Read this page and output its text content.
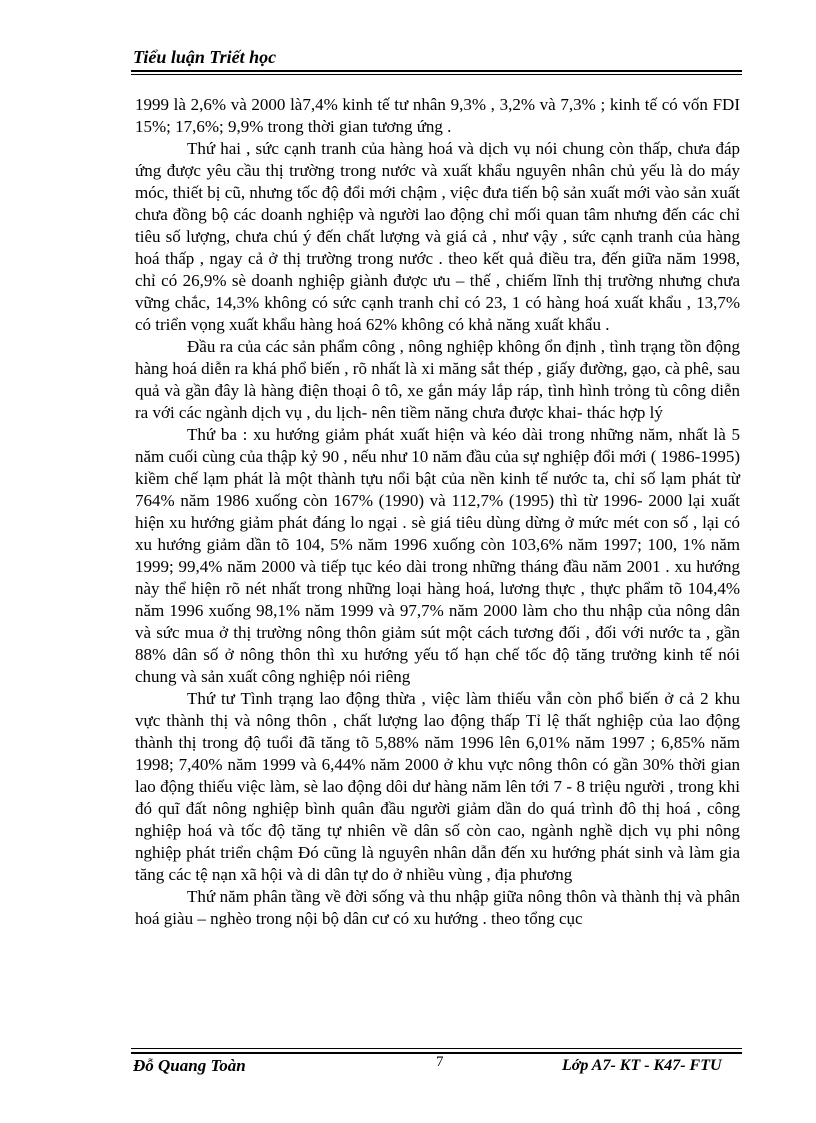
Tiểu luận Triết học

1999 là 2,6% và 2000 là7,4% kinh tế tư nhân 9,3% , 3,2% và 7,3% ; kinh tế có vốn FDI 15%; 17,6%; 9,9% trong thời gian tương ứng .

Thứ hai , sức cạnh tranh của hàng hoá và dịch vụ nói chung còn thấp, chưa đáp ứng được yêu cầu thị trường trong nước và xuất khẩu nguyên nhân chủ yếu là do máy móc, thiết bị cũ, nhưng tốc độ đổi mới chậm , việc đưa tiến bộ sản xuất mới vào sản xuất chưa đồng bộ các doanh nghiệp và người lao động chỉ mối quan tâm nhưng đến các chỉ tiêu số lượng, chưa chú ý đến chất lượng và giá cả , như vậy , sức cạnh tranh của hàng hoá thấp , ngay cả ở thị trường trong nước . theo kết quả điều tra, đến giữa năm 1998, chỉ có 26,9% sè doanh nghiệp giành được ưu – thế , chiếm lĩnh thị trường nhưng chưa vững chắc, 14,3% không có sức cạnh tranh chỉ có 23, 1 có hàng hoá xuất khẩu , 13,7% có triển vọng xuất khẩu hàng hoá 62% không có khả năng xuất khẩu .

Đầu ra của các sản phẩm công , nông nghiệp không ổn định , tình trạng tồn động hàng hoá diễn ra khá phổ biến , rõ nhất là xi măng sắt thép , giấy đường, gạo, cà phê, sau quả và gần đây là hàng điện thoại ô tô, xe gắn máy lắp ráp, tình hình trỏng tù công diễn ra với các ngành dịch vụ , du lịch- nên tiềm năng chưa được khai- thác hợp lý

Thứ ba : xu hướng giảm phát xuất hiện và kéo dài trong những năm, nhất là 5 năm cuối cùng của thập kỷ 90 , nếu như 10 năm đầu của sự nghiệp đổi mới ( 1986-1995) kiềm chế lạm phát là một thành tựu nổi bật của nền kinh tế nước ta, chỉ số lạm phát từ 764% năm 1986 xuống còn 167% (1990) và 112,7% (1995) thì từ 1996- 2000 lại xuất hiện xu hướng giảm phát đáng lo ngại . sè giá tiêu dùng dừng ở mức mét con số , lại có xu hướng giảm dần tõ 104, 5% năm 1996 xuống còn 103,6% năm 1997; 100, 1% năm 1999; 99,4% năm 2000 và tiếp tục kéo dài trong những tháng đầu năm 2001 . xu hướng này thể hiện rõ nét nhất trong những loại hàng hoá, lương thực , thực phẩm tõ 104,4% năm 1996 xuống 98,1% năm 1999 và 97,7% năm 2000 làm cho thu nhập của nông dân và sức mua ở thị trường nông thôn giảm sút một cách tương đối , đối với nước ta , gần 88% dân số ở nông thôn thì xu hướng yếu tố hạn chế tốc độ tăng trưởng kinh tế nói chung và sản xuất công nghiệp nói riêng

Thứ tư Tình trạng lao động thừa , việc làm thiếu vẫn còn phổ biến ở cả 2 khu vực thành thị và nông thôn , chất lượng lao động thấp Tỉ lệ thất nghiệp của lao động thành thị trong độ tuổi đã tăng tõ 5,88% năm 1996 lên 6,01% năm 1997 ; 6,85% năm 1998; 7,40% năm 1999 và 6,44% năm 2000 ở khu vực nông thôn có gần 30% thời gian lao động thiếu việc làm, sè lao động dôi dư hàng năm lên tới 7 - 8 triệu người , trong khi đó quĩ đất nông nghiệp bình quân đầu người giảm dần do quá trình đô thị hoá , công nghiệp hoá và tốc độ tăng tự nhiên về dân số còn cao, ngành nghề dịch vụ phi nông nghiệp phát triển chậm Đó cũng là nguyên nhân dẫn đến xu hướng phát sinh và làm gia tăng các tệ nạn xã hội và di dân tự do ở nhiều vùng , địa phương

Thứ năm phân tầng về đời sống và thu nhập giữa nông thôn và thành thị và phân hoá giàu – nghèo trong nội bộ dân cư có xu hướng . theo tổng cục

Đỗ Quang Toàn	7	Lớp A7- KT - K47- FTU
